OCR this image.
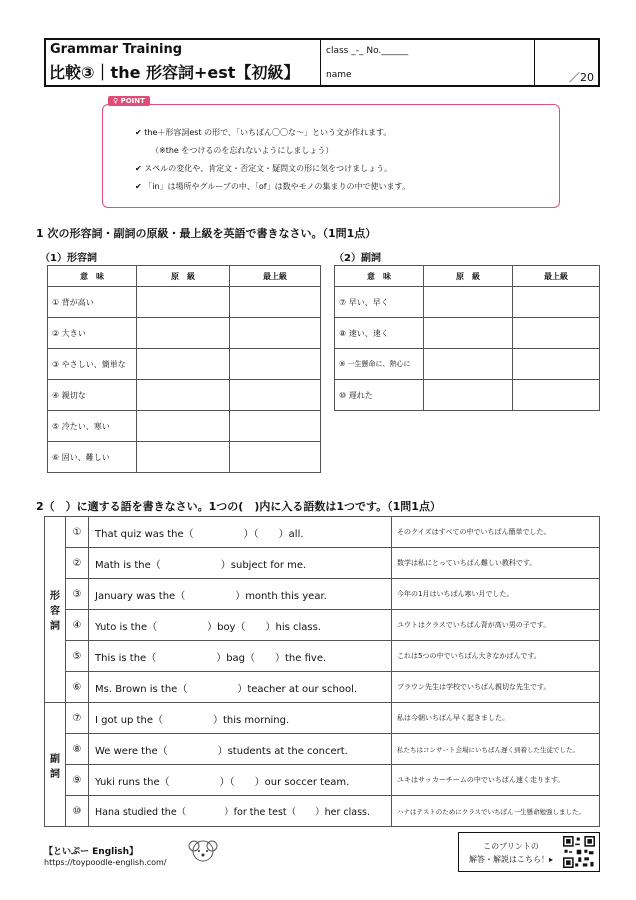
Grammar Training
比較③｜the 形容詞+est【初級】
class _-_ No.______
name	／20
✔ the＋形容詞est の形で、「いちばん〇〇な～」という文が作れます。
（※the をつけるのを忘れないようにしましょう）
✔ スペルの変化や、肯定文・否定文・疑問文の形に気をつけましょう。
✔ 「in」は場所やグループの中、「of」は数やモノの集まりの中で使います。
♀ POINT
1 次の形容詞・副詞の原級・最上級を英語で書きなさい。（1問1点）
（1）形容詞	（2）副詞
意　味	原　級	最上級
① 背が高い		
② 大きい		
③ やさしい、簡単な		
④ 親切な		
⑤ 冷たい、寒い		
⑥ 固い、難しい		
意　味	原　級	最上級
⑦ 早い、早く		
⑧ 速い、速く		
⑨ 一生懸命に、熱心に		
⑩ 遅れた		
2（　）に適する語を書きなさい。1つの(　)内に入る語数は1つです。（1問1点）
形
容
詞	①	That quiz was the（　　　　　）（　　）all.	そのクイズはすべての中でいちばん簡単でした。
	②	Math is the（　　　　　　）subject for me.	数学は私にとっていちばん難しい教科です。
	③	January was the（　　　　　）month this year.	今年の1月はいちばん寒い月でした。
	④	Yuto is the（　　　　　）boy（　　）his class.	ユウトはクラスでいちばん背が高い男の子です。
	⑤	This is the（　　　　　　）bag（　　）the five.	これは5つの中でいちばん大きなかばんです。
	⑥	Ms. Brown is the（　　　　　）teacher at our school.	ブラウン先生は学校でいちばん親切な先生です。
副
詞	⑦	I got up the（　　　　　）this morning.	私は今朝いちばん早く起きました。
	⑧	We were the（　　　　　）students at the concert.	私たちはコンサート会場にいちばん遅く到着した生徒でした。
	⑨	Yuki runs the（　　　　　）（　　）our soccer team.	ユキはサッカーチームの中でいちばん速く走ります。
	⑩	Hana studied the（　　　　）for the test（　　）her class.	ハナはテストのためにクラスでいちばん一生懸命勉強しました。
【といぷー English】
https://toypoodle-english.com/
このプリントの
解答・解説はこちら！▸
